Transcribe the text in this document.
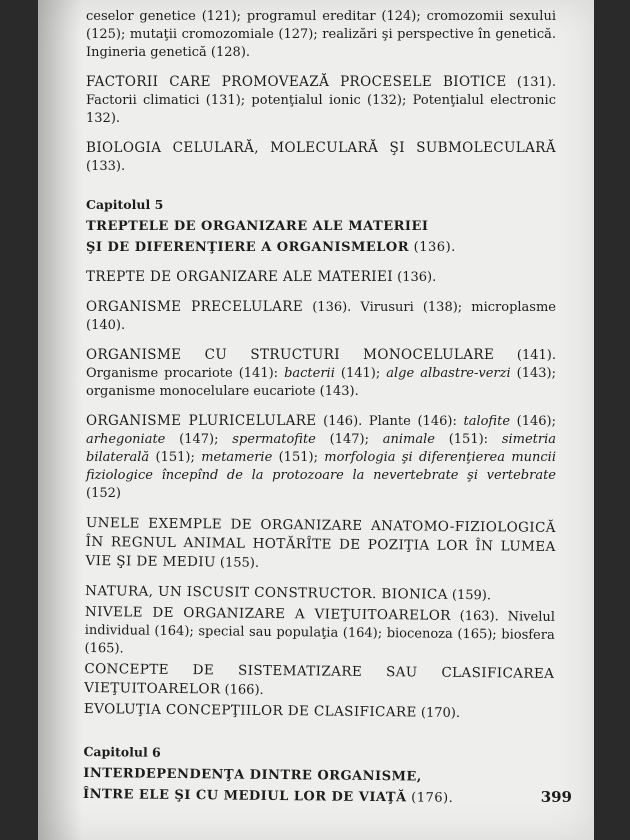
ceselor genetice (121); programul ereditar (124); cromozomii sexului (125); mutaţii cromozomiale (127); realizări şi perspective în genetică. Ingineria genetică (128).

FACTORII CARE PROMOVEAZĂ PROCESELE BIOTICE (131). Factorii climatici (131); potenţialul ionic (132); Potenţialul electronic 132).

BIOLOGIA CELULARĂ, MOLECULARĂ ŞI SUBMOLECULARĂ (133).

Capitolul 5
TREPTELE DE ORGANIZARE ALE MATERIEI
ŞI DE DIFERENŢIERE A ORGANISMELOR (136).

TREPTE DE ORGANIZARE ALE MATERIEI (136).

ORGANISME PRECELULARE (136). Virusuri (138); microplasme (140).

ORGANISME CU STRUCTURI MONOCELULARE (141). Organisme procariote (141): bacterii (141); alge albastre-verzi (143); organisme monocelulare eucariote (143).

ORGANISME PLURICELULARE (146). Plante (146): talofite (146); arhegoniate (147); spermatofite (147); animale (151): simetria bilaterală (151); metamerie (151); morfologia şi diferenţierea muncii fiziologice începînd de la protozoare la nevertebrate şi vertebrate (152)

UNELE EXEMPLE DE ORGANIZARE ANATOMO-FIZIOLOGICĂ ÎN REGNUL ANIMAL HOTĂRÎTE DE POZIŢIA LOR ÎN LUMEA VIE ŞI DE MEDIU (155).

NATURA, UN ISCUSIT CONSTRUCTOR. BIONICA (159).

NIVELE DE ORGANIZARE A VIEŢUITOARELOR (163). Nivelul individual (164); special sau populaţia (164); biocenoza (165); biosfera (165).

CONCEPTE DE SISTEMATIZARE SAU CLASIFICAREA VIEŢUITOARELOR (166).

EVOLUŢIA CONCEPŢIILOR DE CLASIFICARE (170).

Capitolul 6
INTERDEPENDENŢA DINTRE ORGANISME,
ÎNTRE ELE ŞI CU MEDIUL LOR DE VIAŢĂ (176).	399
